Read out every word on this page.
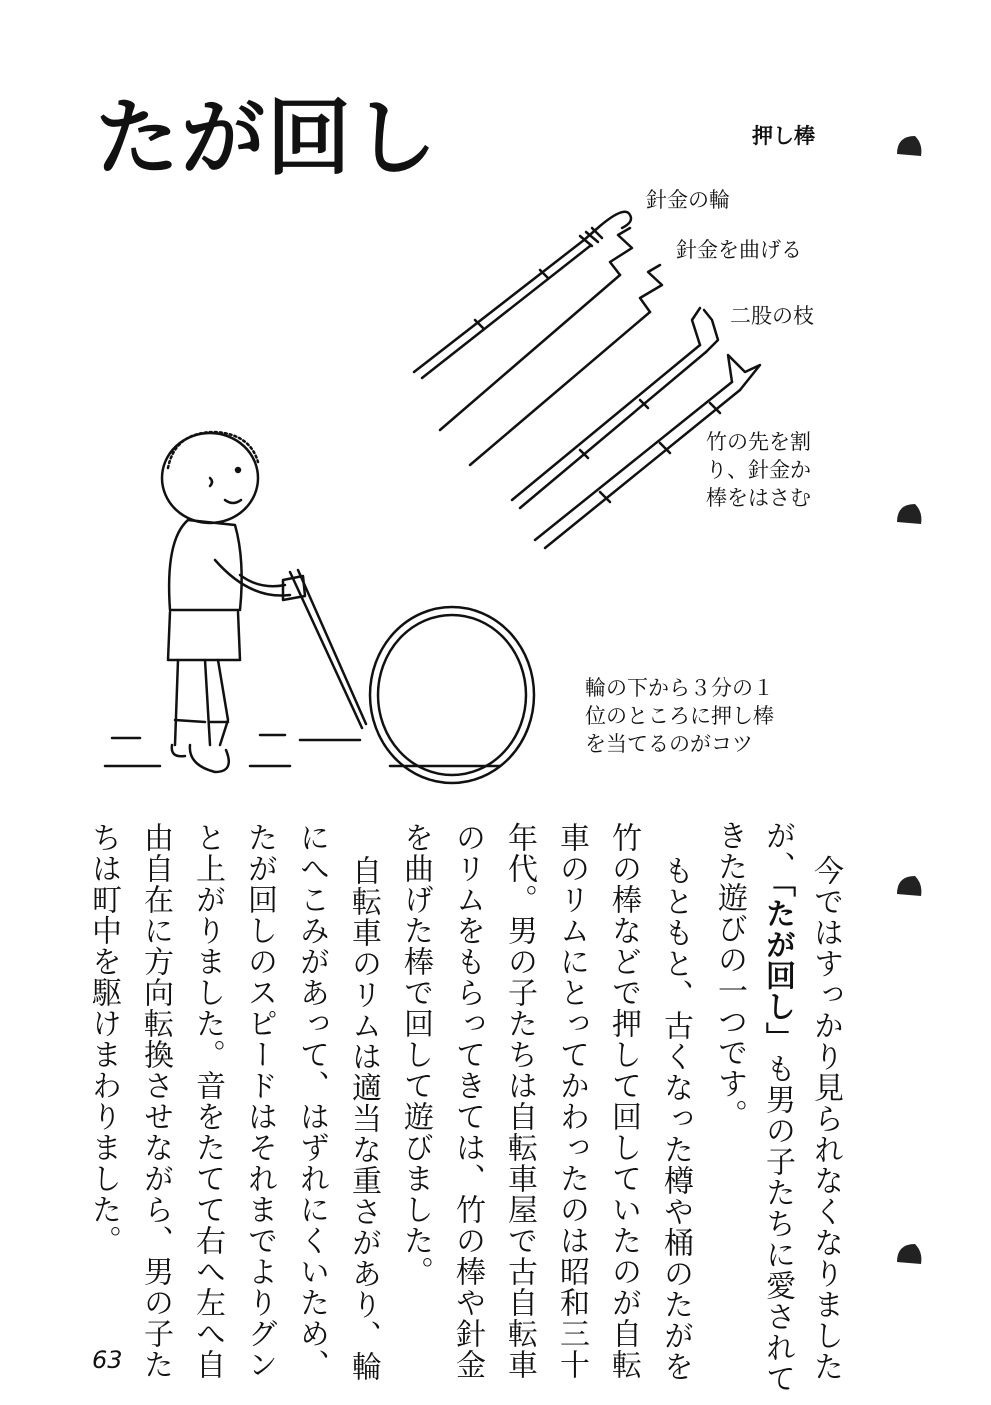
たが回し	押し棒
針金の輪
針金を曲げる
二股の枝
竹の先を割
り、針金か
棒をはさむ
輪の下から３分の１
位のところに押し棒
を当てるのがコツ
今ではすっかり見られなくなりました
が、「たが回し」も男の子たちに愛されて
きた遊びの一つです。
もともと、古くなった樽や桶のたがを
竹の棒などで押して回していたのが自転
車のリムにとってかわったのは昭和三十
年代。男の子たちは自転車屋で古自転車
のリムをもらってきては、竹の棒や針金
を曲げた棒で回して遊びました。
自転車のリムは適当な重さがあり、輪
にへこみがあって、はずれにくいため、
たが回しのスピードはそれまでよりグン
と上がりました。音をたてて右へ左へ自
由自在に方向転換させながら、男の子た
ちは町中を駆けまわりました。
63
